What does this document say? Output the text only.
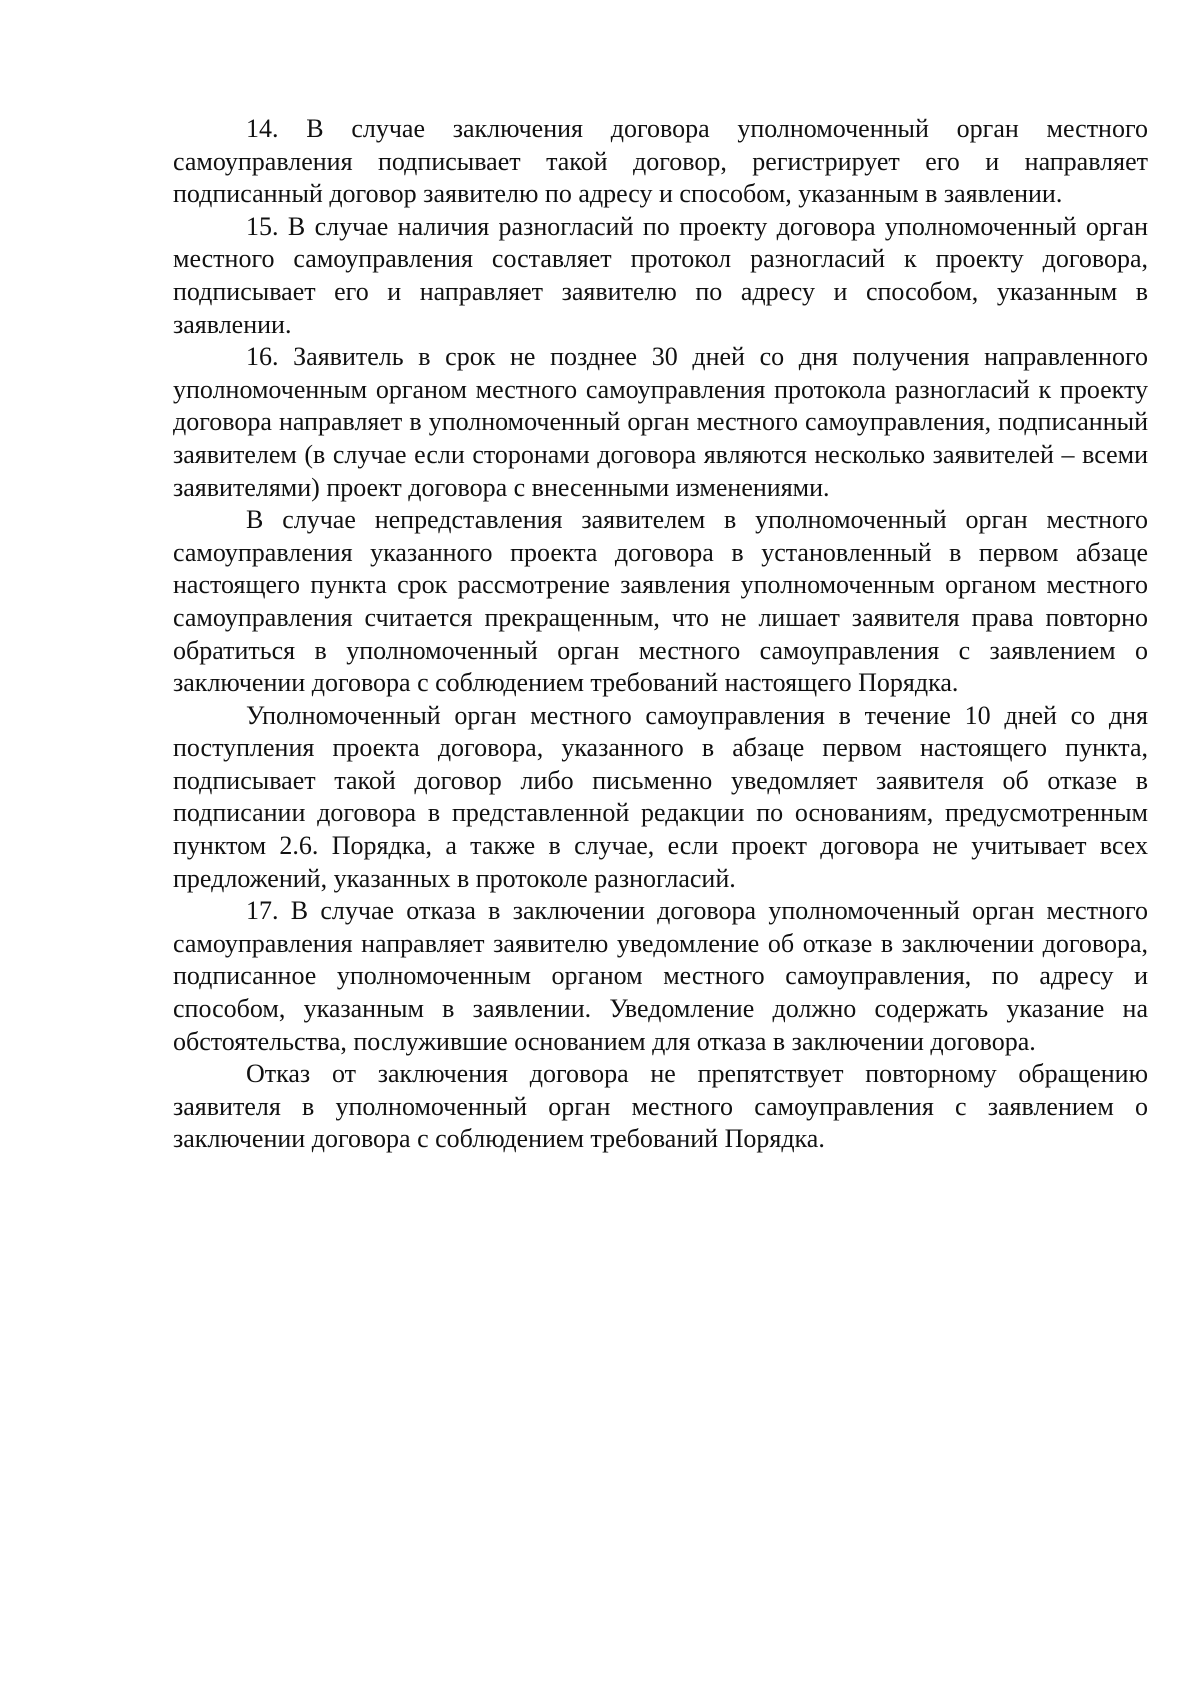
14. В случае заключения договора уполномоченный орган местного самоуправления подписывает такой договор, регистрирует его и направляет подписанный договор заявителю по адресу и способом, указанным в заявлении.

15. В случае наличия разногласий по проекту договора уполномоченный орган местного самоуправления составляет протокол разногласий к проекту договора, подписывает его и направляет заявителю по адресу и способом, указанным в заявлении.

16. Заявитель в срок не позднее 30 дней со дня получения направленного уполномоченным органом местного самоуправления протокола разногласий к проекту договора направляет в уполномоченный орган местного самоуправления, подписанный заявителем (в случае если сторонами договора являются несколько заявителей – всеми заявителями) проект договора с внесенными изменениями.

В случае непредставления заявителем в уполномоченный орган местного самоуправления указанного проекта договора в установленный в первом абзаце настоящего пункта срок рассмотрение заявления уполномоченным органом местного самоуправления считается прекращенным, что не лишает заявителя права повторно обратиться в уполномоченный орган местного самоуправления с заявлением о заключении договора с соблюдением требований настоящего Порядка.

Уполномоченный орган местного самоуправления в течение 10 дней со дня поступления проекта договора, указанного в абзаце первом настоящего пункта, подписывает такой договор либо письменно уведомляет заявителя об отказе в подписании договора в представленной редакции по основаниям, предусмотренным пунктом 2.6. Порядка, а также в случае, если проект договора не учитывает всех предложений, указанных в протоколе разногласий.

17. В случае отказа в заключении договора уполномоченный орган местного самоуправления направляет заявителю уведомление об отказе в заключении договора, подписанное уполномоченным органом местного самоуправления, по адресу и способом, указанным в заявлении. Уведомление должно содержать указание на обстоятельства, послужившие основанием для отказа в заключении договора.

Отказ от заключения договора не препятствует повторному обращению заявителя в уполномоченный орган местного самоуправления с заявлением о заключении договора с соблюдением требований Порядка.
